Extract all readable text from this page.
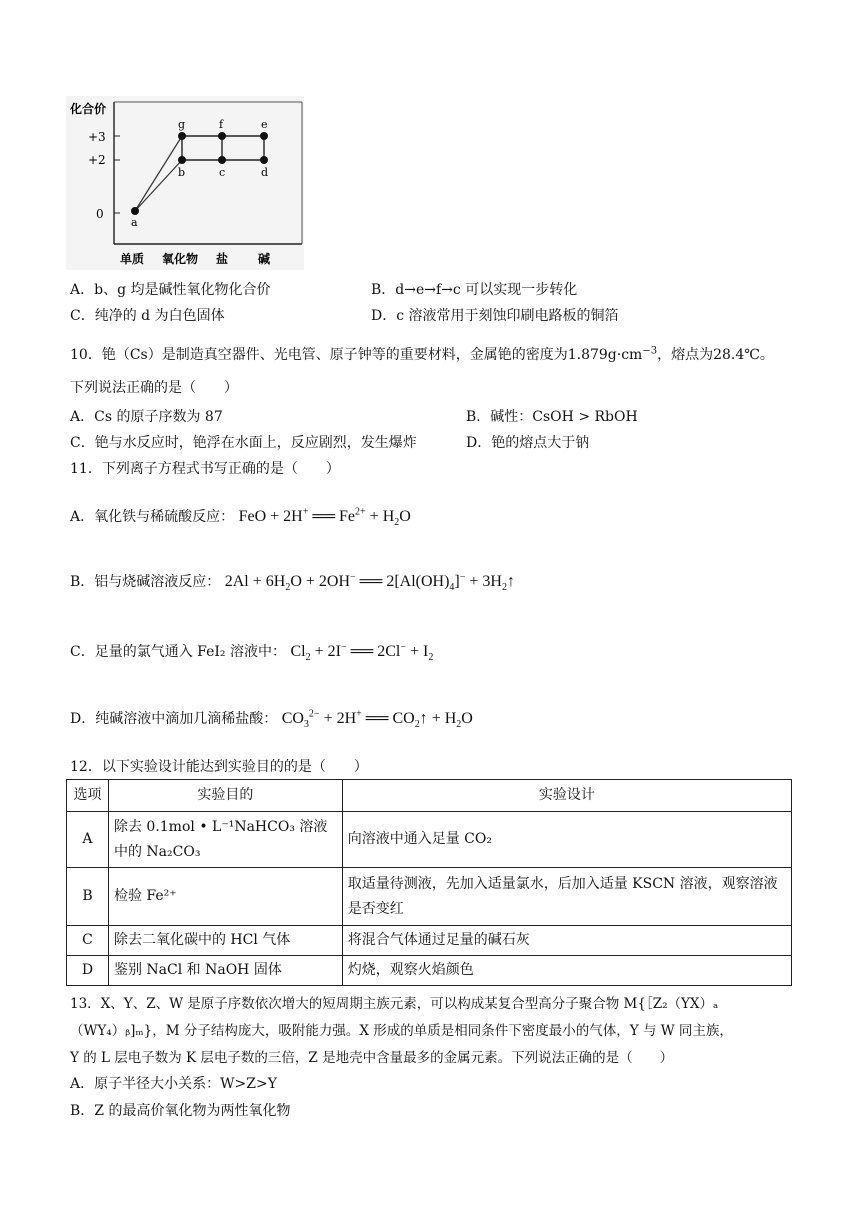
化合价
+3
+2
0
a
g	f	e
b	c	d
单质 氧化物 盐 碱
A．b、g 均是碱性氧化物化合价	B．d→e→f→c 可以实现一步转化
C．纯净的 d 为白色固体	D．c 溶液常用于刻蚀印刷电路板的铜箔
10．铯（Cs）是制造真空器件、光电管、原子钟等的重要材料，金属铯的密度为$1.879g\cdot cm^{-3}$，熔点为28.4℃。
下列说法正确的是（　　）
A．Cs 的原子序数为 87	B．碱性：CsOH > RbOH
C．铯与水反应时，铯浮在水面上，反应剧烈，发生爆炸	D．铯的熔点大于钠
11．下列离子方程式书写正确的是（　　）
A．氧化铁与稀硫酸反应： FeO + 2H+ ══ $Fe^{2+} + H_2O$
B．铝与烧碱溶液反应： $2Al + 6H_2O + 2OH^-$ ══ $2[Al(OH)_4]^-$ + $3H_2↑$
C．足量的氯气通入 FeI₂ 溶液中： $Cl_2 + 2I^-$ ══ $2Cl^- + I_2$
D．纯碱溶液中滴加几滴稀盐酸： $CO_3^{2-} + 2H^+$ ══ $CO_2↑ + H_2O$
12．以下实验设计能达到实验目的的是（　　）
选项	实验目的	实验设计
A	除去 0.1mol • L⁻¹NaHCO₃ 溶液中的 Na₂CO₃	向溶液中通入足量 CO₂
B	检验 Fe²⁺	取适量待测液，先加入适量氯水，后加入适量 KSCN 溶液，观察溶液是否变红
C	除去二氧化碳中的 HCl 气体	将混合气体通过足量的碱石灰
D	鉴别 NaCl 和 NaOH 固体	灼烧，观察火焰颜色
13．X、Y、Z、W 是原子序数依次增大的短周期主族元素，可以构成某复合型高分子聚合物 M{［Z₂（YX）ₐ
（WY₄）ᵦ]ₘ}，M 分子结构庞大，吸附能力强。X 形成的单质是相同条件下密度最小的气体，Y 与 W 同主族，
Y 的 L 层电子数为 K 层电子数的三倍，Z 是地壳中含量最多的金属元素。下列说法正确的是（　　）
A．原子半径大小关系：W>Z>Y
B．Z 的最高价氧化物为两性氧化物
